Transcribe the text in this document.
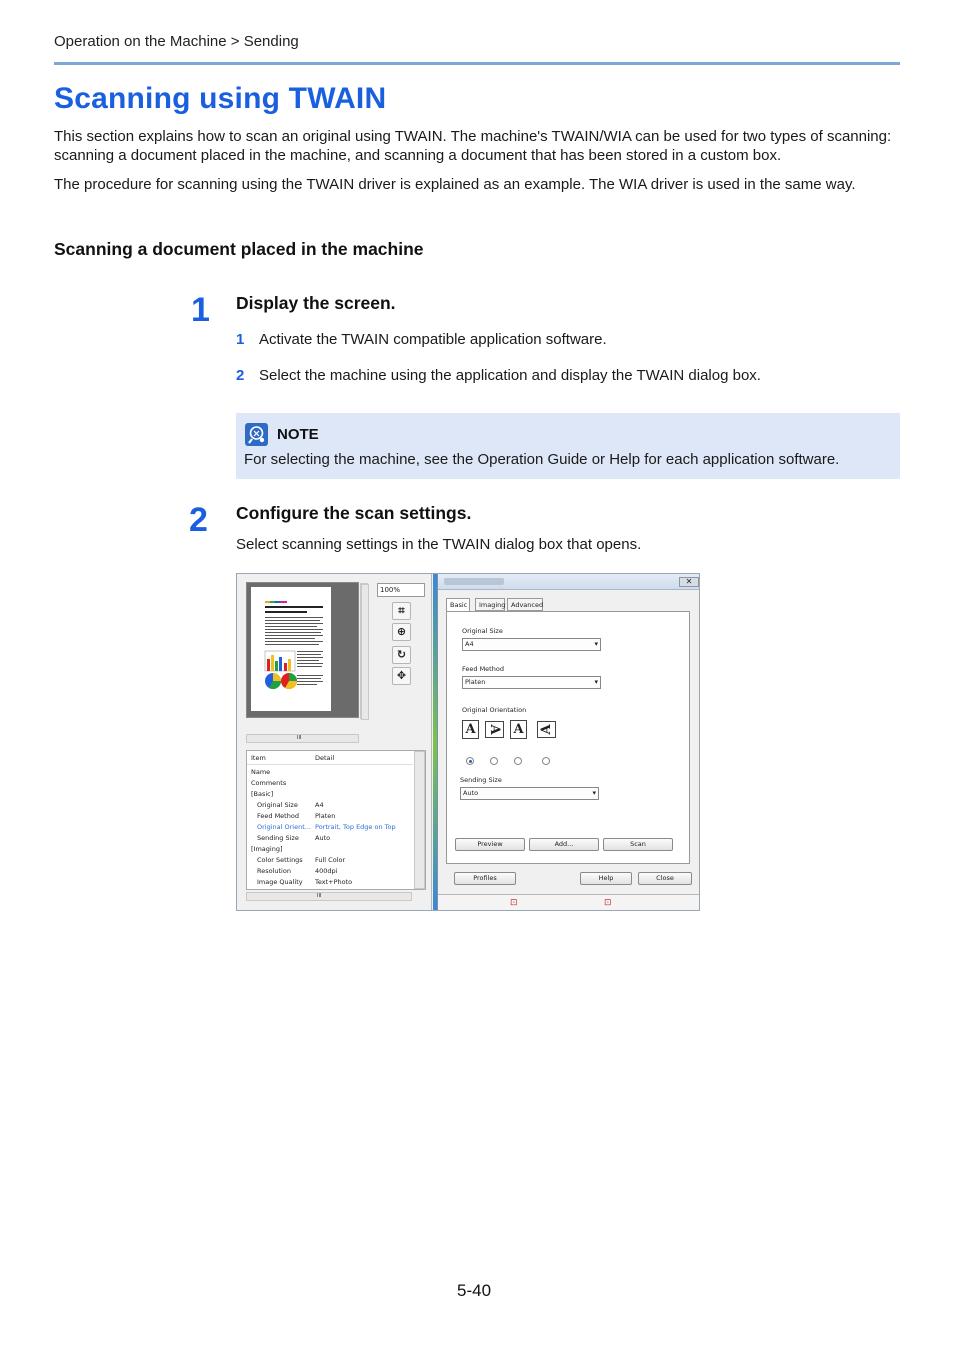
Operation on the Machine > Sending
Scanning using TWAIN

This section explains how to scan an original using TWAIN. The machine's TWAIN/WIA can be used for two types of scanning: scanning a document placed in the machine, and scanning a document that has been stored in a custom box.

The procedure for scanning using the TWAIN driver is explained as an example. The WIA driver is used in the same way.

Scanning a document placed in the machine
1 Display the screen.
1 Activate the TWAIN compatible application software.
2 Select the machine using the application and display the TWAIN dialog box.
NOTE
For selecting the machine, see the Operation Guide or Help for each application software.
2 Configure the scan settings.
Select scanning settings in the TWAIN dialog box that opens.
III
100%
⌗
⊕
↻
✥
Item	Detail
Name
Comments
[Basic]
Original Size	A4
Feed Method Platen
Original Orient... Portrait, Top Edge on Top
Sending Size Auto
[Imaging]
Color Settings Full Color
Resolution	400dpi
Image Quality Text+Photo
III
✕
Basic	Imaging Advanced
Original Size
A4 ▾
Feed Method
Platen ▾
Original Orientation
A A A A
Sending Size
Auto ▾
Preview	Add...	Scan
Profiles	Help	Close
⊡	⊡
5-40
